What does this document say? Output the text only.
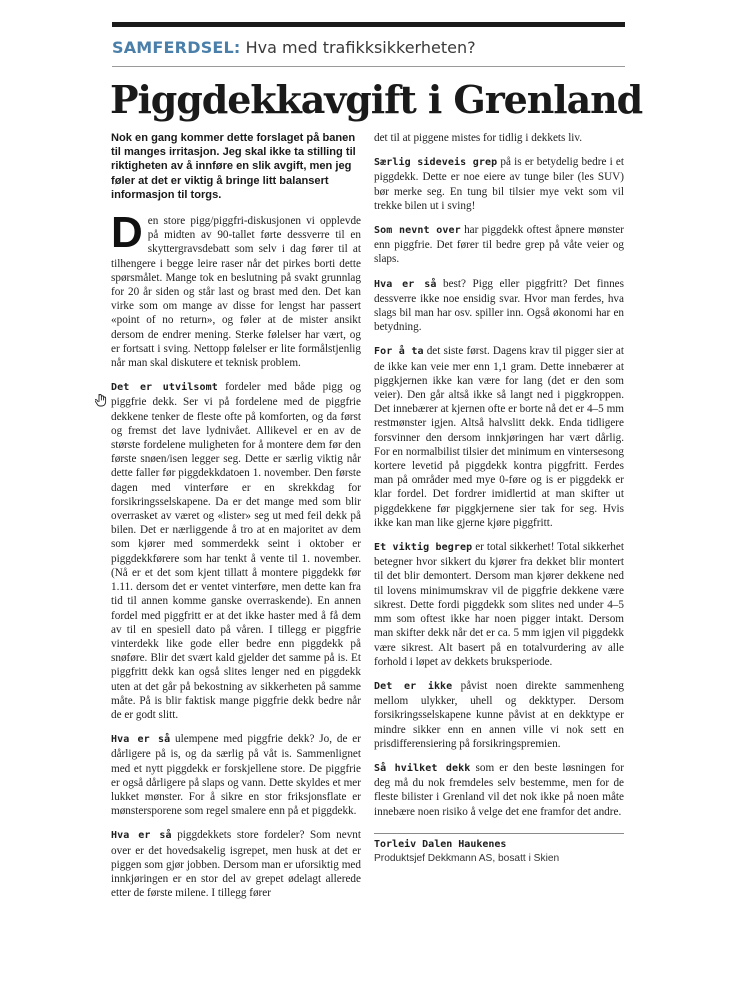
SAMFERDSEL: Hva med trafikksikkerheten?
Piggdekkavgift i Grenland

Nok en gang kommer dette forslaget på banen til manges irritasjon. Jeg skal ikke ta stilling til riktigheten av å innføre en slik avgift, men jeg føler at det er viktig å bringe litt balansert informasjon til torgs.

Den store pigg/piggfri-diskusjonen vi opplevde på midten av 90-tallet førte dessverre til en skyttergravsdebatt som selv i dag fører til at tilhengere i begge leire raser når det pirkes borti dette spørsmålet. Mange tok en beslutning på svakt grunnlag for 20 år siden og står last og brast med den. Det kan virke som om mange av disse for lengst har passert «point of no return», og føler at de mister ansikt dersom de endrer mening. Sterke følelser har vært, og er fortsatt i sving. Nettopp følelser er lite formålstjenlig når man skal diskutere et teknisk problem.

Det er utvilsomt fordeler med både pigg og piggfrie dekk. Ser vi på fordelene med de piggfrie dekkene tenker de fleste ofte på komforten, og da først og fremst det lave lydnivået. Allikevel er en av de største fordelene muligheten for å montere dem før den første snøen/isen legger seg. Dette er særlig viktig når dette faller før piggdekkdatoen 1. november. Den første dagen med vinterføre er en skrekkdag for forsikringsselskapene. Da er det mange med som blir overrasket av været og «lister» seg ut med feil dekk på bilen. Det er nærliggende å tro at en majoritet av dem som kjører med sommerdekk seint i oktober er piggdekkførere som har tenkt å vente til 1. november. (Nå er et det som kjent tillatt å montere piggdekk før 1.11. dersom det er ventet vinterføre, men dette kan fra tid til annen komme ganske overraskende). En annen fordel med piggfritt er at det ikke haster med å få dem av til en spesiell dato på våren. I tillegg er piggfrie vinterdekk like gode eller bedre enn piggdekk på snøføre. Blir det svært kald gjelder det samme på is. Et piggfritt dekk kan også slites lenger ned en piggdekk uten at det går på bekostning av sikkerheten på samme måte. På is blir faktisk mange piggfrie dekk bedre når de er godt slitt.

Hva er så ulempene med piggfrie dekk? Jo, de er dårligere på is, og da særlig på våt is. Sammenlignet med et nytt piggdekk er forskjellene store. De piggfrie er også dårligere på slaps og vann. Dette skyldes et mer lukket mønster. For å sikre en stor friksjonsflate er mønstersporene som regel smalere enn på et piggdekk.

Hva er så piggdekkets store fordeler? Som nevnt over er det hovedsakelig isgrepet, men husk at det er piggen som gjør jobben. Dersom man er uforsiktig med innkjøringen er en stor del av grepet ødelagt allerede etter de første milene. I tillegg fører

det til at piggene mistes for tidlig i dekkets liv.

Særlig sideveis grep på is er betydelig bedre i et piggdekk. Dette er noe eiere av tunge biler (les SUV) bør merke seg. En tung bil tilsier mye vekt som vil trekke bilen ut i sving!

Som nevnt over har piggdekk oftest åpnere mønster enn piggfrie. Det fører til bedre grep på våte veier og slaps.

Hva er så best? Pigg eller piggfritt? Det finnes dessverre ikke noe ensidig svar. Hvor man ferdes, hva slags bil man har osv. spiller inn. Også økonomi har en betydning.

For å ta det siste først. Dagens krav til pigger sier at de ikke kan veie mer enn 1,1 gram. Dette innebærer at piggkjernen ikke kan være for lang (det er den som veier). Den går altså ikke så langt ned i piggkroppen. Det innebærer at kjernen ofte er borte nå det er 4–5 mm restmønster igjen. Altså halvslitt dekk. Enda tidligere forsvinner den dersom innkjøringen har vært dårlig. For en normalbilist tilsier det minimum en vintersesong kortere levetid på piggdekk kontra piggfritt. Ferdes man på områder med mye 0-føre og is er piggdekk er klar fordel. Det fordrer imidlertid at man skifter ut piggdekkene før piggkjernene sier tak for seg. Hvis ikke kan man like gjerne kjøre piggfritt.

Et viktig begrep er total sikkerhet! Total sikkerhet betegner hvor sikkert du kjører fra dekket blir montert til det blir demontert. Dersom man kjører dekkene ned til lovens minimumskrav vil de piggfrie dekkene være sikrest. Dette fordi piggdekk som slites ned under 4–5 mm som oftest ikke har noen pigger intakt. Dersom man skifter dekk når det er ca. 5 mm igjen vil piggdekk være sikrest. Alt basert på en totalvurdering av alle forhold i løpet av dekkets bruksperiode.

Det er ikke påvist noen direkte sammenheng mellom ulykker, uhell og dekktyper. Dersom forsikringsselskapene kunne påvist at en dekktype er mindre sikker enn en annen ville vi nok sett en prisdifferensiering på forsikringspremien.

Så hvilket dekk som er den beste løsningen for deg må du nok fremdeles selv bestemme, men for de fleste bilister i Grenland vil det nok ikke på noen måte innebære noen risiko å velge det ene framfor det andre.

Torleiv Dalen Haukenes

Produktsjef Dekkmann AS, bosatt i Skien
